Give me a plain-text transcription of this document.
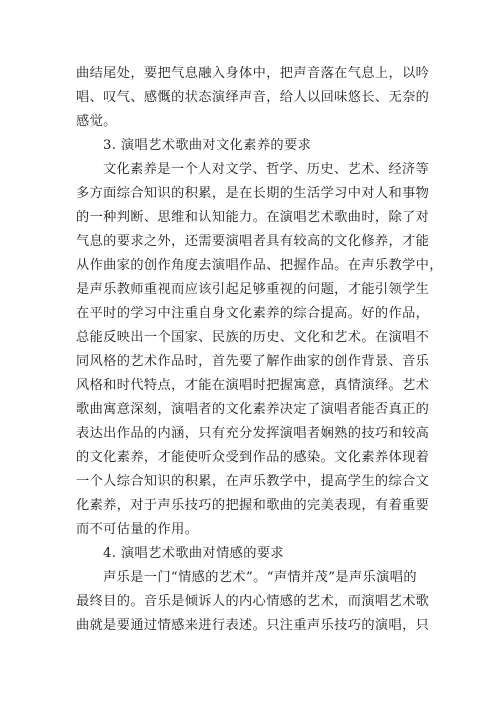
曲结尾处，要把气息融入身体中，把声音落在气息上，以吟
唱、叹气、感慨的状态演绎声音，给人以回味悠长、无奈的
感觉。
3. 演唱艺术歌曲对文化素养的要求
文化素养是一个人对文学、哲学、历史、艺术、经济等
多方面综合知识的积累，是在长期的生活学习中对人和事物
的一种判断、思维和认知能力。在演唱艺术歌曲时，除了对
气息的要求之外，还需要演唱者具有较高的文化修养，才能
从作曲家的创作角度去演唱作品、把握作品。在声乐教学中，
是声乐教师重视而应该引起足够重视的问题，才能引领学生
在平时的学习中注重自身文化素养的综合提高。好的作品，
总能反映出一个国家、民族的历史、文化和艺术。在演唱不
同风格的艺术作品时，首先要了解作曲家的创作背景、音乐
风格和时代特点，才能在演唱时把握寓意，真情演绎。艺术
歌曲寓意深刻，演唱者的文化素养决定了演唱者能否真正的
表达出作品的内涵，只有充分发挥演唱者娴熟的技巧和较高
的文化素养，才能使听众受到作品的感染。文化素养体现着
一个人综合知识的积累，在声乐教学中，提高学生的综合文
化素养，对于声乐技巧的把握和歌曲的完美表现，有着重要
而不可估量的作用。
4. 演唱艺术歌曲对情感的要求
声乐是一门“情感的艺术”。“声情并茂”是声乐演唱的
最终目的。音乐是倾诉人的内心情感的艺术，而演唱艺术歌
曲就是要通过情感来进行表述。只注重声乐技巧的演唱，只
